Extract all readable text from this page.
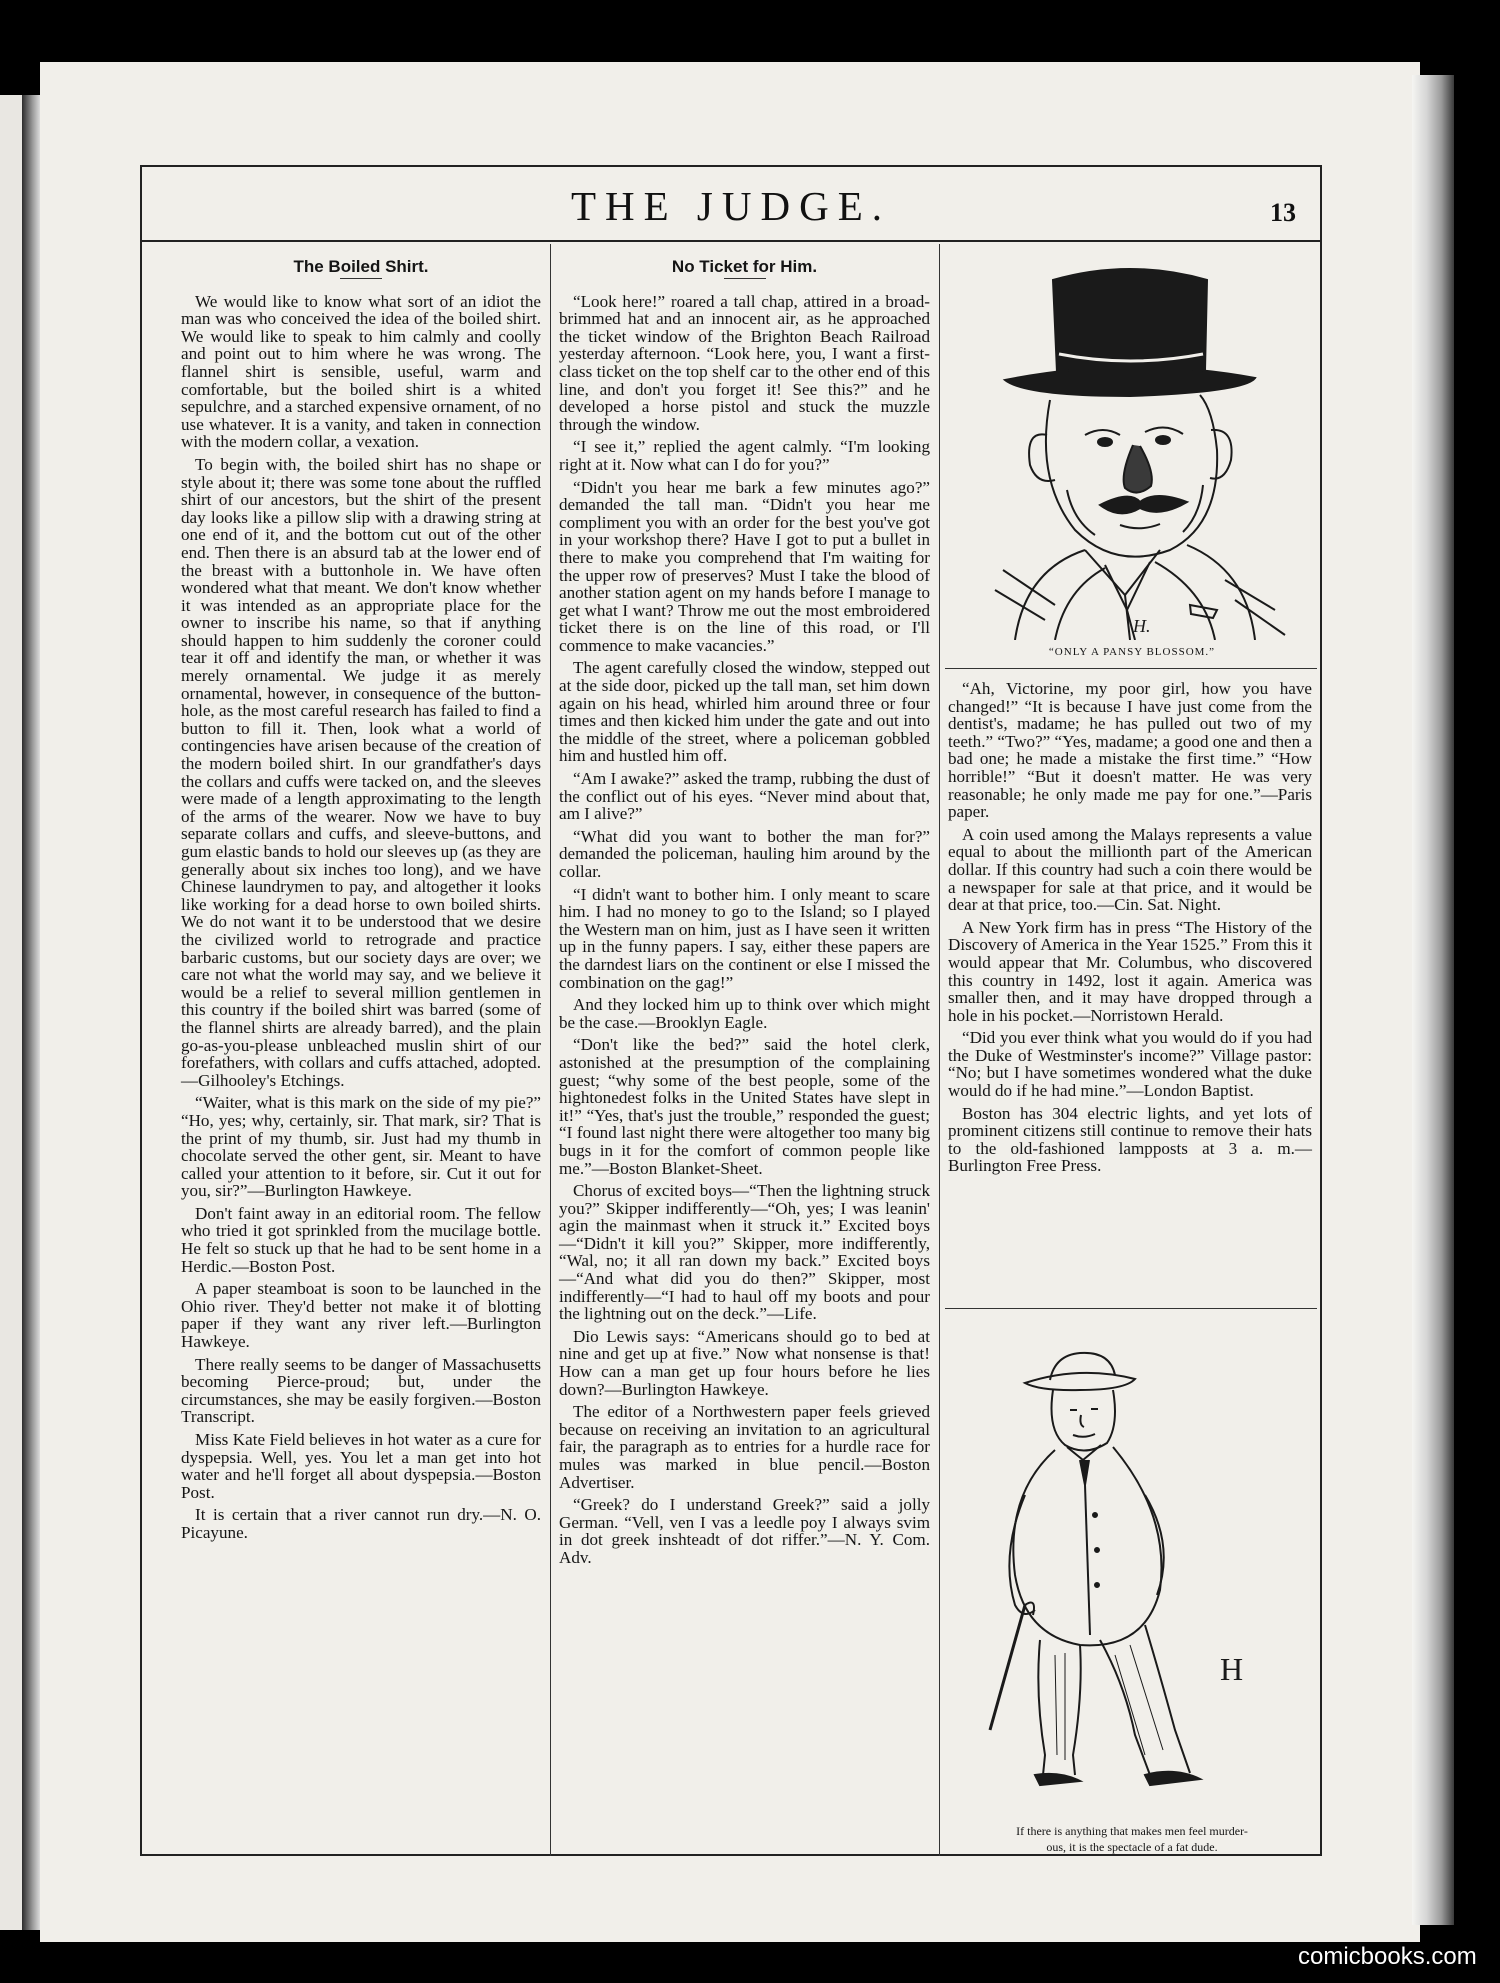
THE JUDGE.	13
The Boiled Shirt.

We would like to know what sort of an idiot the man was who conceived the idea of the boiled shirt. We would like to speak to him calmly and coolly and point out to him where he was wrong. The flannel shirt is sensible, useful, warm and comfortable, but the boiled shirt is a whited sepulchre, and a starched expensive ornament, of no use whatever. It is a vanity, and taken in connection with the modern collar, a vexation.

To begin with, the boiled shirt has no shape or style about it; there was some tone about the ruffled shirt of our ancestors, but the shirt of the present day looks like a pillow slip with a drawing string at one end of it, and the bottom cut out of the other end. Then there is an absurd tab at the lower end of the breast with a buttonhole in. We have often wondered what that meant. We don't know whether it was intended as an appropriate place for the owner to inscribe his name, so that if anything should happen to him suddenly the coroner could tear it off and identify the man, or whether it was merely ornamental. We judge it as merely ornamental, however, in consequence of the button-hole, as the most careful research has failed to find a button to fill it. Then, look what a world of contingencies have arisen because of the creation of the modern boiled shirt. In our grandfather's days the collars and cuffs were tacked on, and the sleeves were made of a length approximating to the length of the arms of the wearer. Now we have to buy separate collars and cuffs, and sleeve-buttons, and gum elastic bands to hold our sleeves up (as they are generally about six inches too long), and we have Chinese laundrymen to pay, and altogether it looks like working for a dead horse to own boiled shirts. We do not want it to be understood that we desire the civilized world to retrograde and practice barbaric customs, but our society days are over; we care not what the world may say, and we believe it would be a relief to several million gentlemen in this country if the boiled shirt was barred (some of the flannel shirts are already barred), and the plain go-as-you-please unbleached muslin shirt of our forefathers, with collars and cuffs attached, adopted.—Gilhooley's Etchings.

“Waiter, what is this mark on the side of my pie?” “Ho, yes; why, certainly, sir. That mark, sir? That is the print of my thumb, sir. Just had my thumb in chocolate served the other gent, sir. Meant to have called your attention to it before, sir. Cut it out for you, sir?”—Burlington Hawkeye.

Don't faint away in an editorial room. The fellow who tried it got sprinkled from the mucilage bottle. He felt so stuck up that he had to be sent home in a Herdic.—Boston Post.

A paper steamboat is soon to be launched in the Ohio river. They'd better not make it of blotting paper if they want any river left.—Burlington Hawkeye.

There really seems to be danger of Massachusetts becoming Pierce-proud; but, under the circumstances, she may be easily forgiven.—Boston Transcript.

Miss Kate Field believes in hot water as a cure for dyspepsia. Well, yes. You let a man get into hot water and he'll forget all about dyspepsia.—Boston Post.

It is certain that a river cannot run dry.—N. O. Picayune.

No Ticket for Him.

“Look here!” roared a tall chap, attired in a broad-brimmed hat and an innocent air, as he approached the ticket window of the Brighton Beach Railroad yesterday afternoon. “Look here, you, I want a first-class ticket on the top shelf car to the other end of this line, and don't you forget it! See this?” and he developed a horse pistol and stuck the muzzle through the window.

“I see it,” replied the agent calmly. “I'm looking right at it. Now what can I do for you?”

“Didn't you hear me bark a few minutes ago?” demanded the tall man. “Didn't you hear me compliment you with an order for the best you've got in your workshop there? Have I got to put a bullet in there to make you comprehend that I'm waiting for the upper row of preserves? Must I take the blood of another station agent on my hands before I manage to get what I want? Throw me out the most embroidered ticket there is on the line of this road, or I'll commence to make vacancies.”

The agent carefully closed the window, stepped out at the side door, picked up the tall man, set him down again on his head, whirled him around three or four times and then kicked him under the gate and out into the middle of the street, where a policeman gobbled him and hustled him off.

“Am I awake?” asked the tramp, rubbing the dust of the conflict out of his eyes. “Never mind about that, am I alive?”

“What did you want to bother the man for?” demanded the policeman, hauling him around by the collar.

“I didn't want to bother him. I only meant to scare him. I had no money to go to the Island; so I played the Western man on him, just as I have seen it written up in the funny papers. I say, either these papers are the darndest liars on the continent or else I missed the combination on the gag!”

And they locked him up to think over which might be the case.—Brooklyn Eagle.

“Don't like the bed?” said the hotel clerk, astonished at the presumption of the complaining guest; “why some of the best people, some of the hightonedest folks in the United States have slept in it!” “Yes, that's just the trouble,” responded the guest; “I found last night there were altogether too many big bugs in it for the comfort of common people like me.”—Boston Blanket-Sheet.

Chorus of excited boys—“Then the lightning struck you?” Skipper indifferently—“Oh, yes; I was leanin' agin the mainmast when it struck it.” Excited boys—“Didn't it kill you?” Skipper, more indifferently, “Wal, no; it all ran down my back.” Excited boys—“And what did you do then?” Skipper, most indifferently—“I had to haul off my boots and pour the lightning out on the deck.”—Life.

Dio Lewis says: “Americans should go to bed at nine and get up at five.” Now what nonsense is that! How can a man get up four hours before he lies down?—Burlington Hawkeye.

The editor of a Northwestern paper feels grieved because on receiving an invitation to an agricultural fair, the paragraph as to entries for a hurdle race for mules was marked in blue pencil.—Boston Advertiser.

“Greek? do I understand Greek?” said a jolly German. “Vell, ven I vas a leedle poy I always svim in dot greek inshteadt of dot riffer.”—N. Y. Com. Adv.

H.
“ONLY A PANSY BLOSSOM.”

“Ah, Victorine, my poor girl, how you have changed!” “It is because I have just come from the dentist's, madame; he has pulled out two of my teeth.” “Two?” “Yes, madame; a good one and then a bad one; he made a mistake the first time.” “How horrible!” “But it doesn't matter. He was very reasonable; he only made me pay for one.”—Paris paper.

A coin used among the Malays represents a value equal to about the millionth part of the American dollar. If this country had such a coin there would be a newspaper for sale at that price, and it would be dear at that price, too.—Cin. Sat. Night.

A New York firm has in press “The History of the Discovery of America in the Year 1525.” From this it would appear that Mr. Columbus, who discovered this country in 1492, lost it again. America was smaller then, and it may have dropped through a hole in his pocket.—Norristown Herald.

“Did you ever think what you would do if you had the Duke of Westminster's income?” Village pastor: “No; but I have sometimes wondered what the duke would do if he had mine.”—London Baptist.

Boston has 304 electric lights, and yet lots of prominent citizens still continue to remove their hats to the old-fashioned lampposts at 3 a. m.—Burlington Free Press.

H
If there is anything that makes men feel murder-
ous, it is the spectacle of a fat dude.
comicbooks.com
